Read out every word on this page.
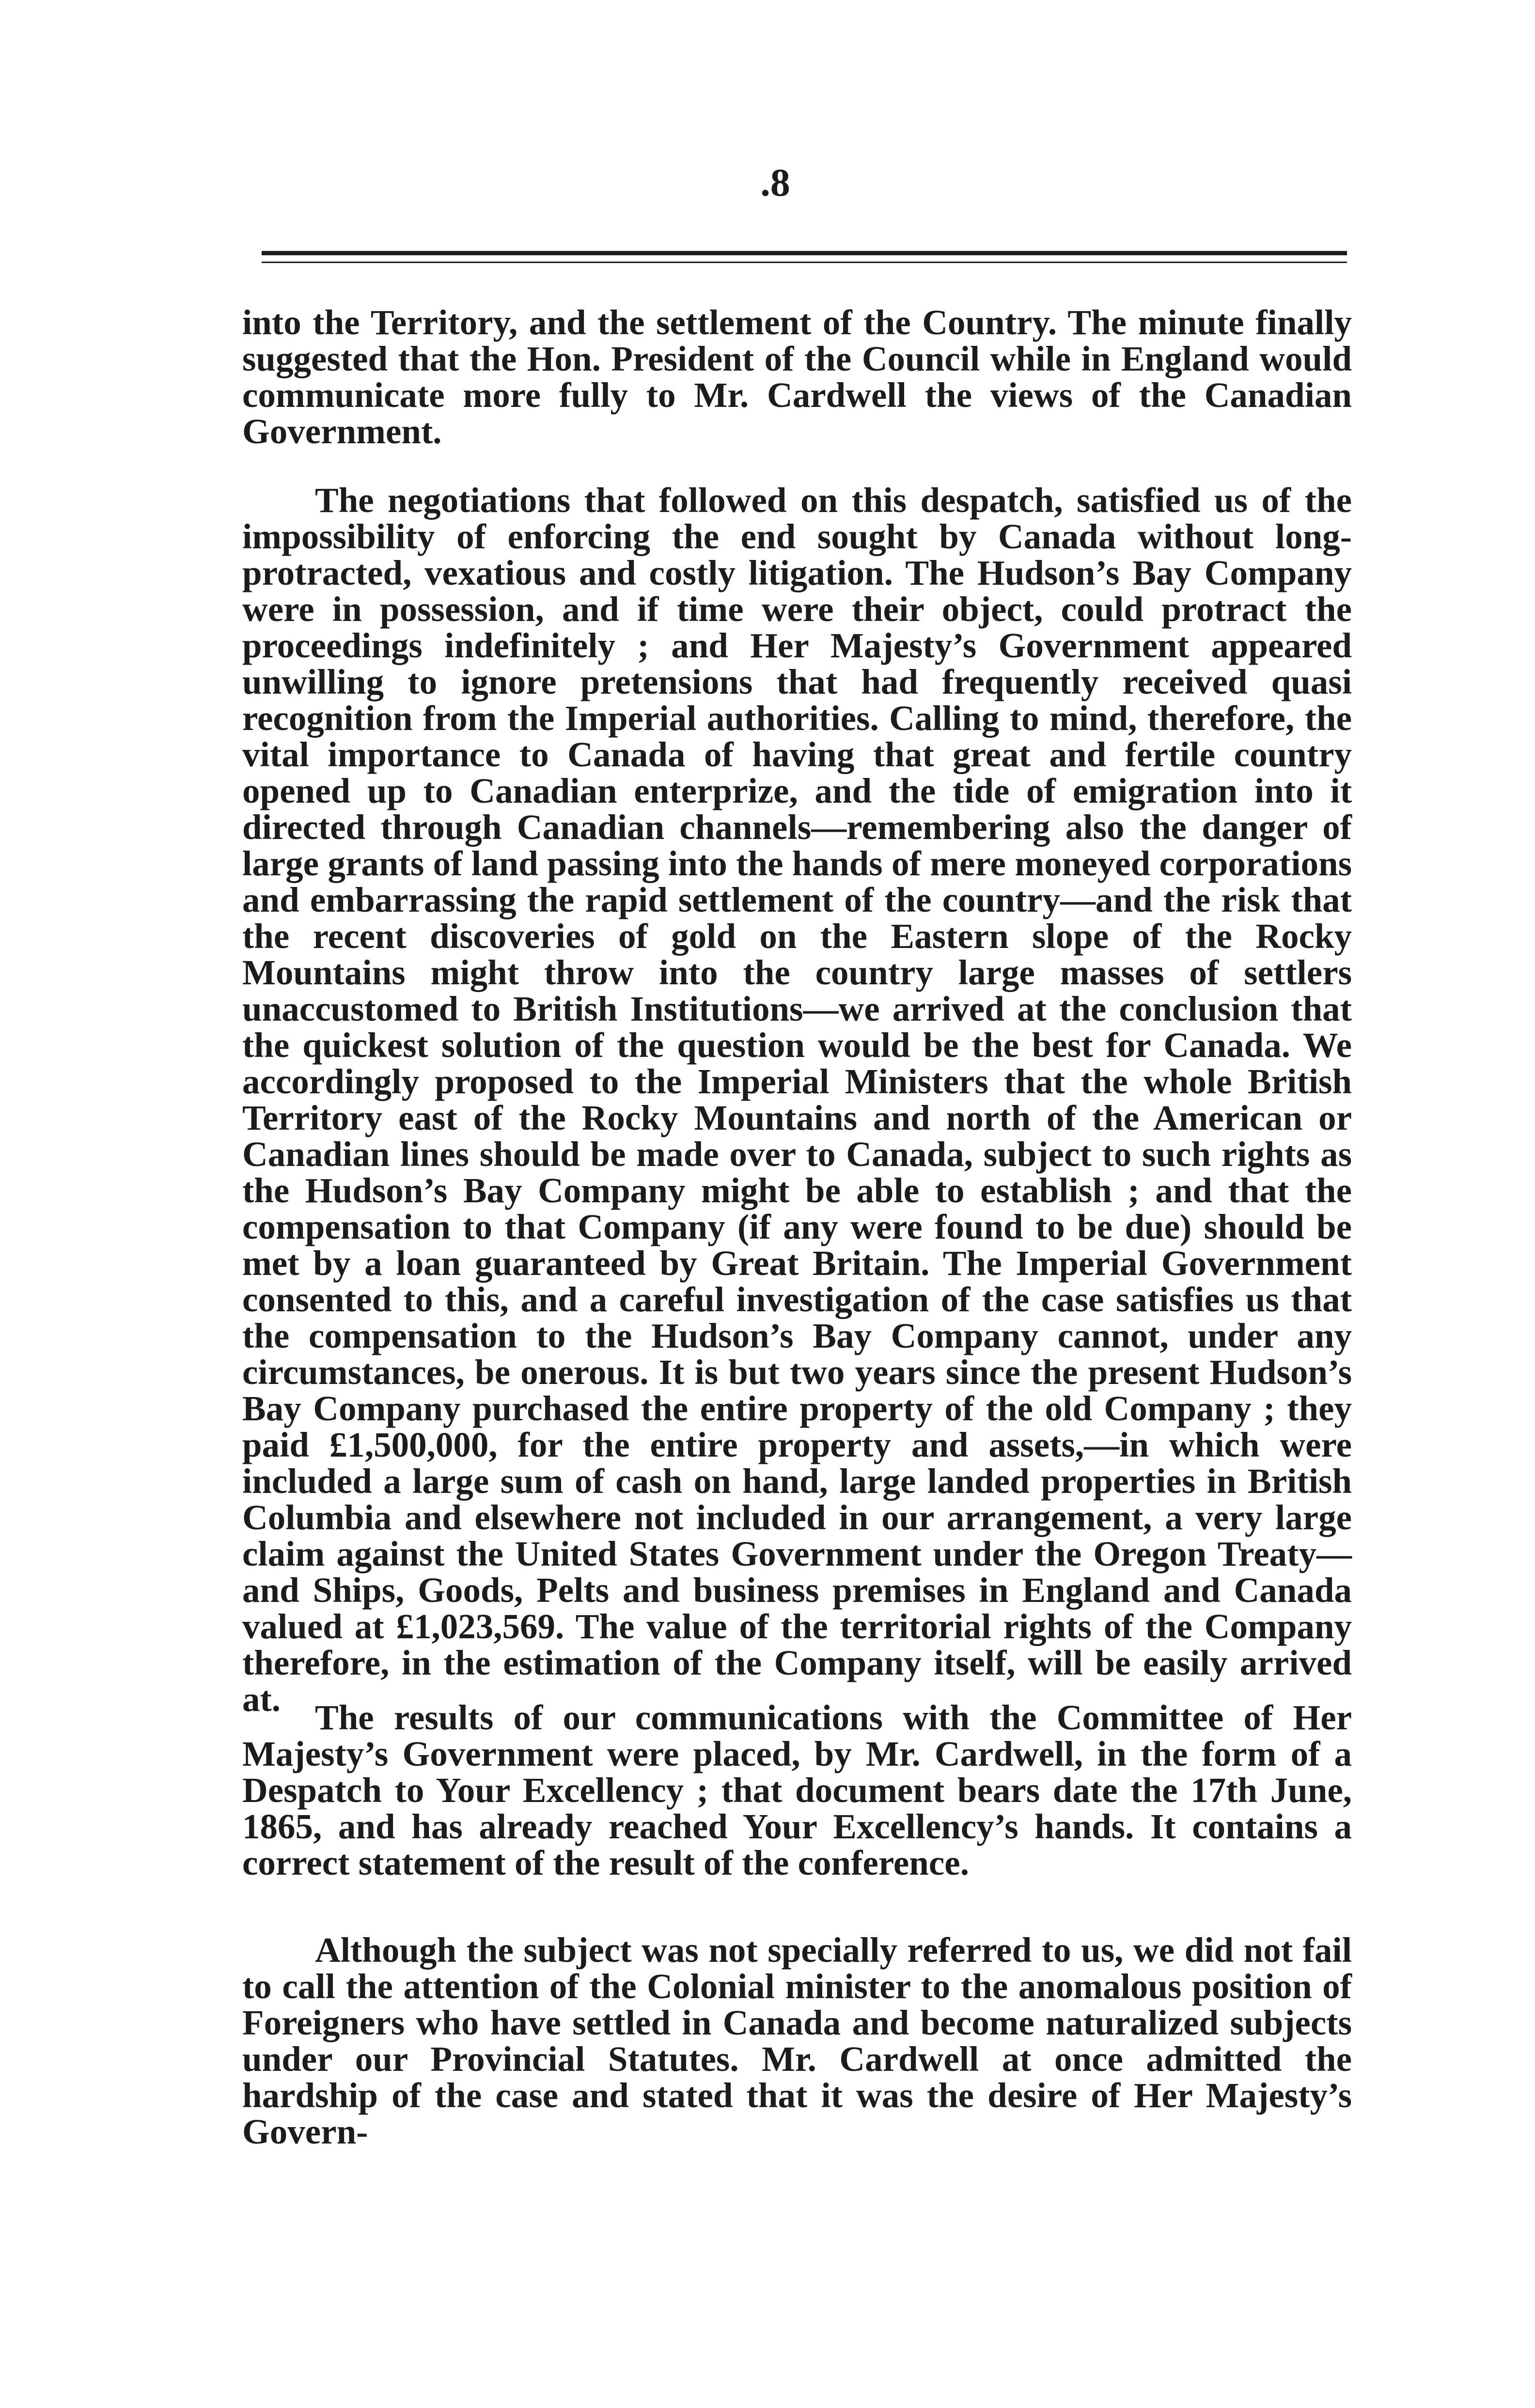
.8

into the Territory, and the settlement of the Country. The minute finally suggested that the Hon. President of the Council while in England would communicate more fully to Mr. Cardwell the views of the Canadian Government.

The negotiations that followed on this despatch, satisfied us of the impossibility of enforcing the end sought by Canada without long-protracted, vexatious and costly litigation. The Hudson’s Bay Company were in possession, and if time were their object, could protract the proceedings indefinitely ; and Her Majesty’s Government appeared unwilling to ignore pretensions that had frequently received quasi recognition from the Imperial authorities. Calling to mind, therefore, the vital importance to Canada of having that great and fertile country opened up to Canadian enterprize, and the tide of emigration into it directed through Canadian channels—remembering also the danger of large grants of land passing into the hands of mere moneyed corporations and embarrassing the rapid settlement of the country—and the risk that the recent discoveries of gold on the Eastern slope of the Rocky Mountains might throw into the country large masses of settlers unaccustomed to British Institutions—we arrived at the conclusion that the quickest solution of the question would be the best for Canada. We accordingly proposed to the Imperial Ministers that the whole British Territory east of the Rocky Mountains and north of the American or Canadian lines should be made over to Canada, subject to such rights as the Hudson’s Bay Company might be able to establish ; and that the compensation to that Company (if any were found to be due) should be met by a loan guaranteed by Great Britain. The Imperial Government consented to this, and a careful investigation of the case satisfies us that the compensation to the Hudson’s Bay Company cannot, under any circumstances, be onerous. It is but two years since the present Hudson’s Bay Company purchased the entire property of the old Company ; they paid £1,500,000, for the entire property and assets,—in which were included a large sum of cash on hand, large landed properties in British Columbia and elsewhere not included in our arrangement, a very large claim against the United States Government under the Oregon Treaty—and Ships, Goods, Pelts and business premises in England and Canada valued at £1,023,569. The value of the territorial rights of the Company therefore, in the estimation of the Company itself, will be easily arrived at. The results of our communications with the Committee of Her Majesty’s Government were placed, by Mr. Cardwell, in the form of a Despatch to Your Excellency ; that document bears date the 17th June, 1865, and has already reached Your Excellency’s hands. It contains a correct statement of the result of the conference.

Although the subject was not specially referred to us, we did not fail to call the attention of the Colonial minister to the anomalous position of Foreigners who have settled in Canada and become naturalized subjects under our Provincial Statutes. Mr. Cardwell at once admitted the hardship of the case and stated that it was the desire of Her Majesty’s Govern-
